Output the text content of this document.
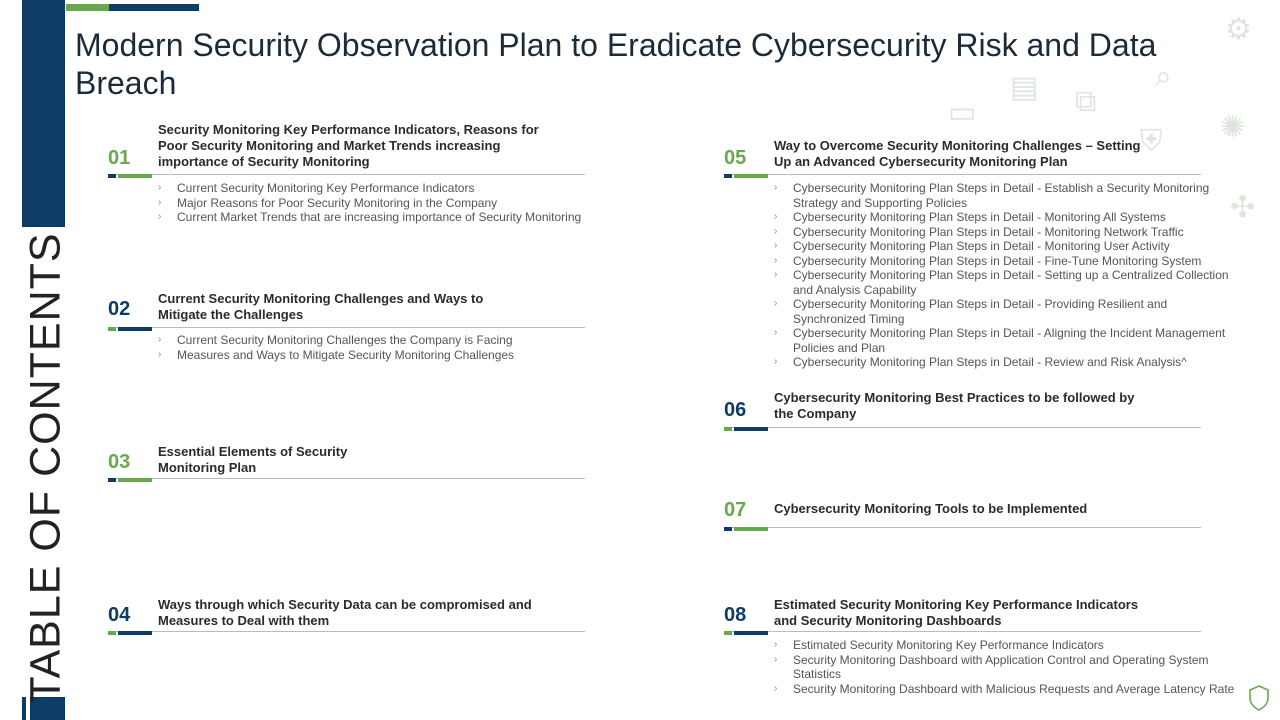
TABLE OF CONTENTS
Modern Security Observation Plan to Eradicate Cybersecurity Risk and Data Breach
⚙
▤	⌕
▭	⧉
⛨ ✺
✣
01
Security Monitoring Key Performance Indicators, Reasons for Poor Security Monitoring and Market Trends increasing importance of Security Monitoring
› Current Security Monitoring Key Performance Indicators
› Major Reasons for Poor Security Monitoring in the Company
› Current Market Trends that are increasing importance of Security Monitoring
02	Current Security Monitoring Challenges and Ways to Mitigate the Challenges
› Current Security Monitoring Challenges the Company is Facing
› Measures and Ways to Mitigate Security Monitoring Challenges
03	Essential Elements of Security Monitoring Plan
04	Ways through which Security Data can be compromised and Measures to Deal with them
05
Way to Overcome Security Monitoring Challenges – Setting Up an Advanced Cybersecurity Monitoring Plan
› Cybersecurity Monitoring Plan Steps in Detail - Establish a Security Monitoring Strategy and Supporting Policies
› Cybersecurity Monitoring Plan Steps in Detail - Monitoring All Systems
› Cybersecurity Monitoring Plan Steps in Detail - Monitoring Network Traffic
› Cybersecurity Monitoring Plan Steps in Detail - Monitoring User Activity
› Cybersecurity Monitoring Plan Steps in Detail - Fine-Tune Monitoring System
› Cybersecurity Monitoring Plan Steps in Detail - Setting up a Centralized Collection and Analysis Capability
› Cybersecurity Monitoring Plan Steps in Detail - Providing Resilient and Synchronized Timing
› Cybersecurity Monitoring Plan Steps in Detail - Aligning the Incident Management Policies and Plan
› Cybersecurity Monitoring Plan Steps in Detail - Review and Risk Analysis^
06
Cybersecurity Monitoring Best Practices to be followed by the Company
07	Cybersecurity Monitoring Tools to be Implemented
08	Estimated Security Monitoring Key Performance Indicators and Security Monitoring Dashboards
› Estimated Security Monitoring Key Performance Indicators
› Security Monitoring Dashboard with Application Control and Operating System Statistics
› Security Monitoring Dashboard with Malicious Requests and Average Latency Rate
